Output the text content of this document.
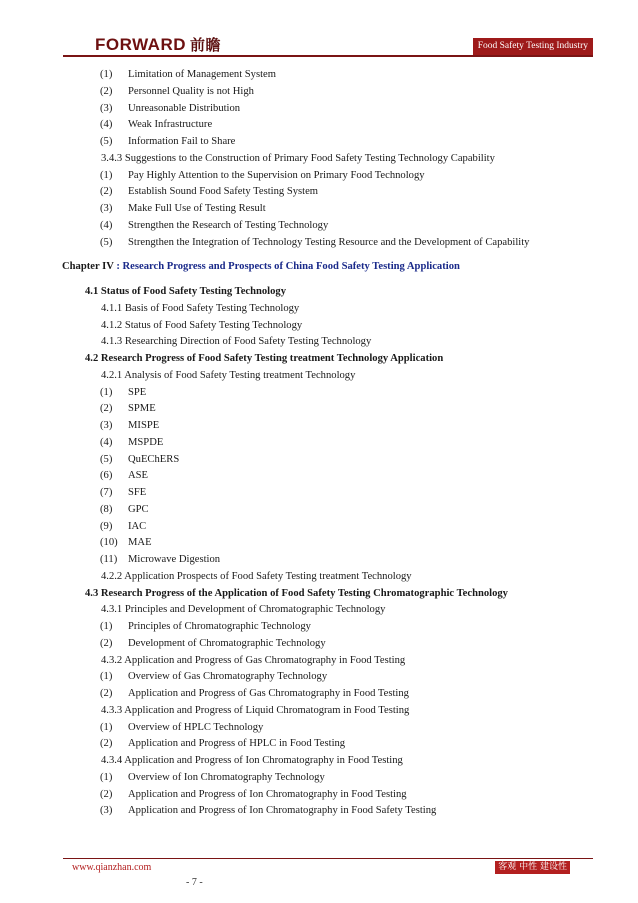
FORWARD 前瞻	Food Safety Testing Industry
(1) Limitation of Management System
(2) Personnel Quality is not High
(3) Unreasonable Distribution
(4) Weak Infrastructure
(5) Information Fail to Share
3.4.3 Suggestions to the Construction of Primary Food Safety Testing Technology Capability
(1) Pay Highly Attention to the Supervision on Primary Food Technology
(2) Establish Sound Food Safety Testing System
(3) Make Full Use of Testing Result
(4) Strengthen the Research of Testing Technology
(5) Strengthen the Integration of Technology Testing Resource and the Development of Capability
Chapter IV : Research Progress and Prospects of China Food Safety Testing Application
4.1 Status of Food Safety Testing Technology
4.1.1 Basis of Food Safety Testing Technology
4.1.2 Status of Food Safety Testing Technology
4.1.3 Researching Direction of Food Safety Testing Technology
4.2 Research Progress of Food Safety Testing treatment Technology Application
4.2.1 Analysis of Food Safety Testing treatment Technology
(1) SPE
(2) SPME
(3) MISPE
(4) MSPDE
(5) QuEChERS
(6) ASE
(7) SFE
(8) GPC
(9) IAC
(10) MAE
(11) Microwave Digestion
4.2.2 Application Prospects of Food Safety Testing treatment Technology
4.3 Research Progress of the Application of Food Safety Testing Chromatographic Technology
4.3.1 Principles and Development of Chromatographic Technology
(1) Principles of Chromatographic Technology
(2) Development of Chromatographic Technology
4.3.2 Application and Progress of Gas Chromatography in Food Testing
(1) Overview of Gas Chromatography Technology
(2) Application and Progress of Gas Chromatography in Food Testing
4.3.3 Application and Progress of Liquid Chromatogram in Food Testing
(1) Overview of HPLC Technology
(2) Application and Progress of HPLC in Food Testing
4.3.4 Application and Progress of Ion Chromatography in Food Testing
(1) Overview of Ion Chromatography Technology
(2) Application and Progress of Ion Chromatography in Food Testing
(3) Application and Progress of Ion Chromatography in Food Safety Testing
www.qianzhan.com	客观 中性 建设性
- 7 -
